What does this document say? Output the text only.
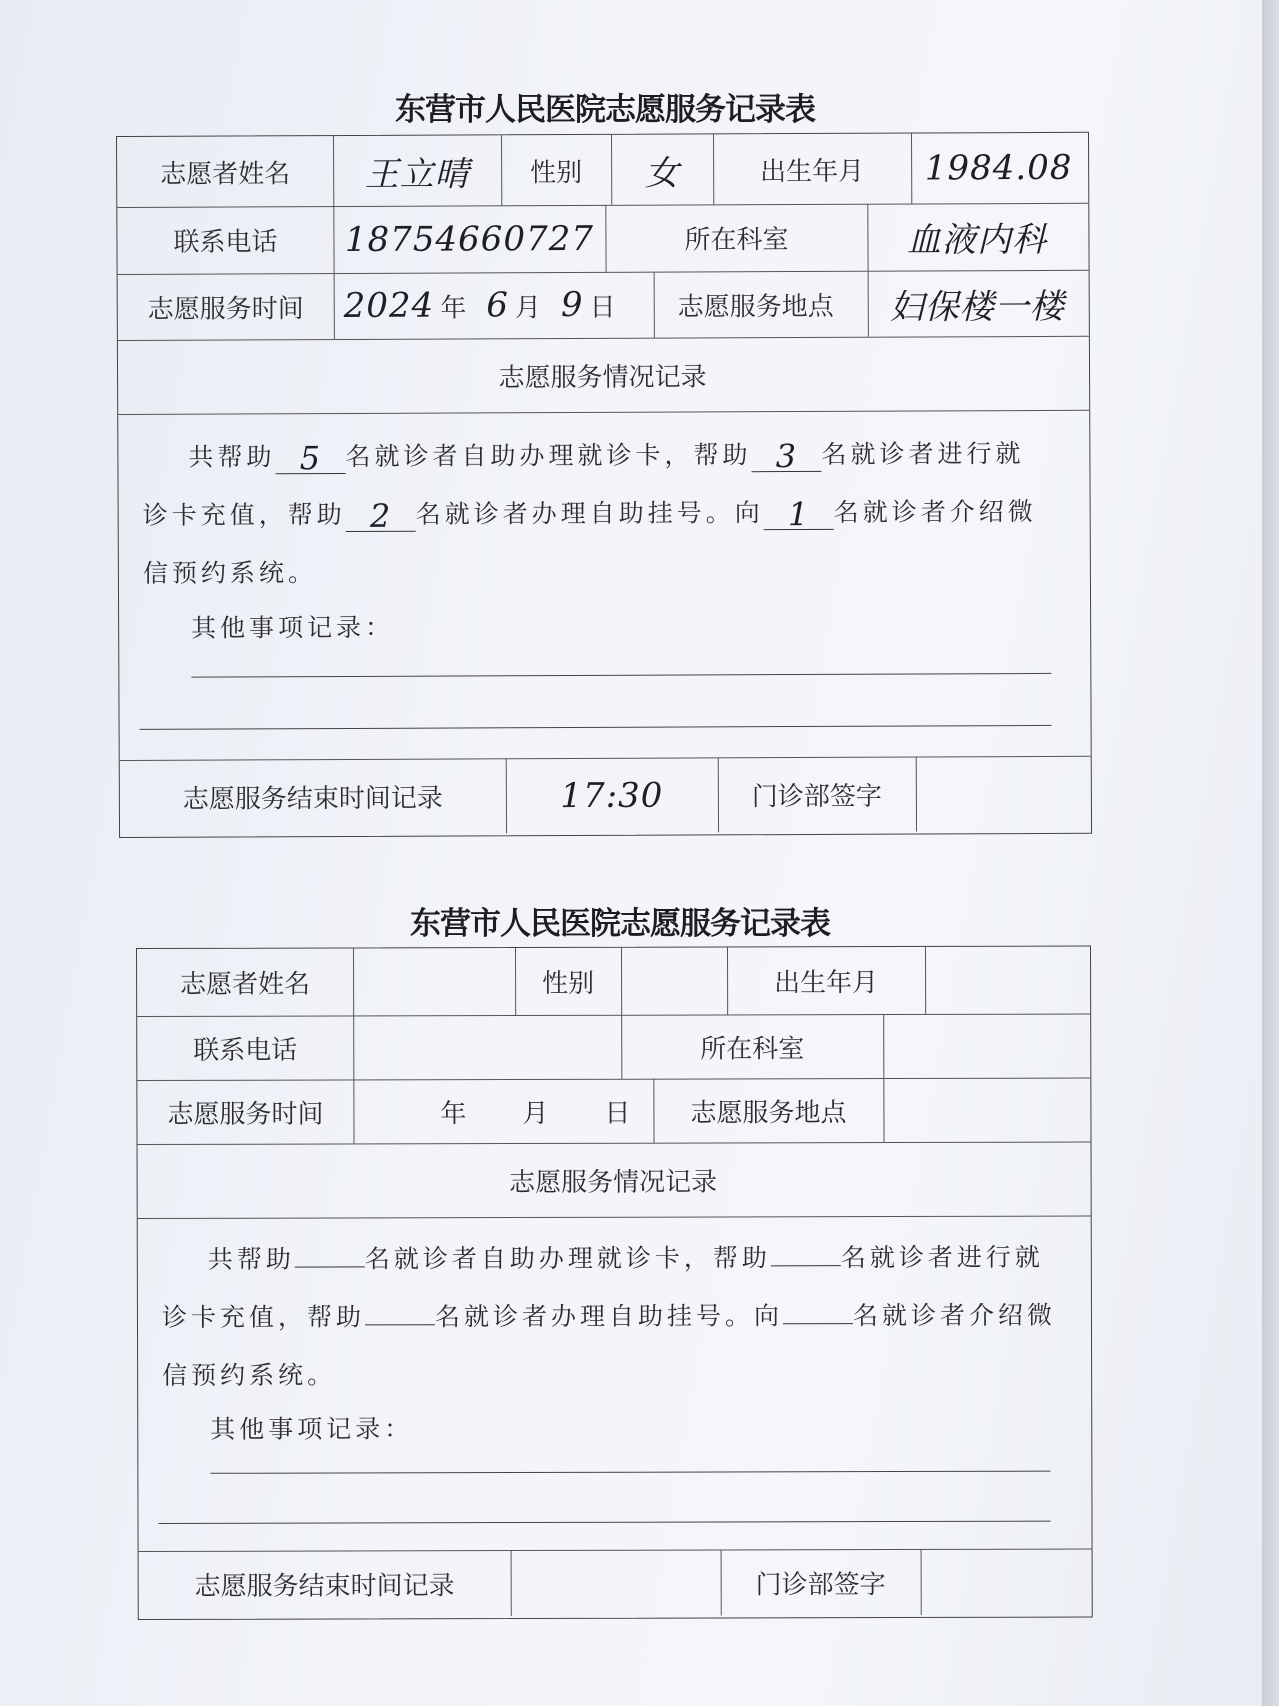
东营市人民医院志愿服务记录表
志愿者姓名	王立晴	性别	女	出生年月	1984.08
联系电话	18754660727	所在科室	血液内科
志愿服务时间	2024 年 6 月 9 日	志愿服务地点	妇保楼一楼
志愿服务情况记录
共帮助 5 名就诊者自助办理就诊卡，帮助 3 名就诊者进行就
诊卡充值，帮助 2 名就诊者办理自助挂号。向 1 名就诊者介绍微
信预约系统。
其他事项记录：
志愿服务结束时间记录	17:30	门诊部签字
东营市人民医院志愿服务记录表
志愿者姓名	性别	出生年月
联系电话	所在科室
志愿服务时间	年 月 日	志愿服务地点
志愿服务情况记录
共帮助	名就诊者自助办理就诊卡，帮助	名就诊者进行就
诊卡充值，帮助	名就诊者办理自助挂号。向	名就诊者介绍微
信预约系统。
其他事项记录：
志愿服务结束时间记录	门诊部签字
